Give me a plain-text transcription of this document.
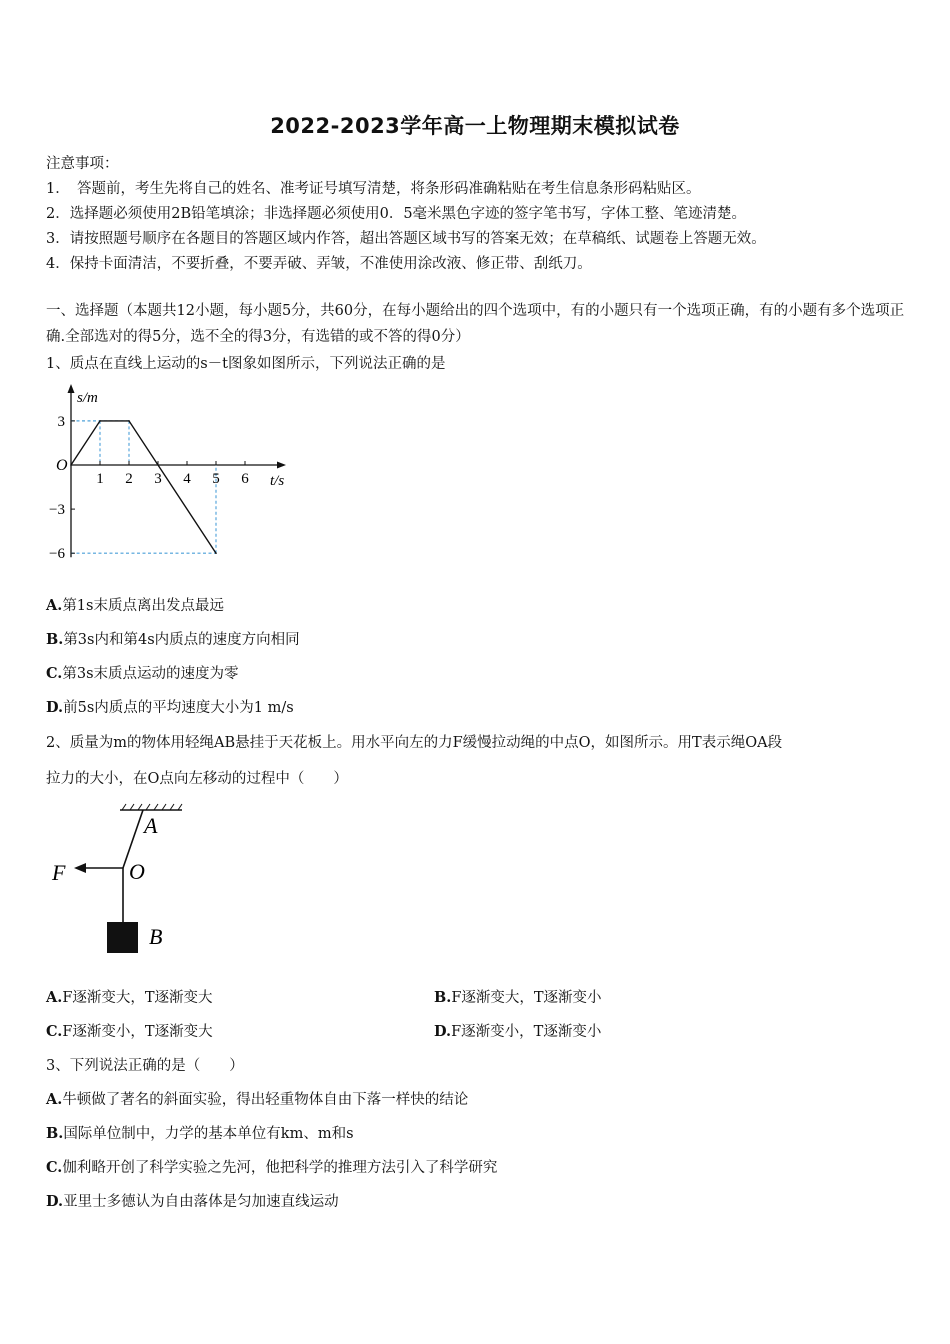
2022-2023学年高一上物理期末模拟试卷
注意事项：
1．　答题前，考生先将自己的姓名、准考证号填写清楚，将条形码准确粘贴在考生信息条形码粘贴区。
2．选择题必须使用2B铅笔填涂；非选择题必须使用0．5毫米黑色字迹的签字笔书写，字体工整、笔迹清楚。
3．请按照题号顺序在各题目的答题区域内作答，超出答题区域书写的答案无效；在草稿纸、试题卷上答题无效。
4．保持卡面清洁，不要折叠，不要弄破、弄皱，不准使用涂改液、修正带、刮纸刀。
一、选择题（本题共12小题，每小题5分，共60分，在每小题给出的四个选项中，有的小题只有一个选项正确，有的小题有多个选项正确.全部选对的得5分，选不全的得3分，有选错的或不答的得0分）
1、质点在直线上运动的s－t图象如图所示，下列说法正确的是
1 2 3 4 5 6
3
−3
−6
O
s/m
t/s
A.第1s末质点离出发点最远
B.第3s内和第4s内质点的速度方向相同
C.第3s末质点运动的速度为零
D.前5s内质点的平均速度大小为1 m/s
2、质量为m的物体用轻绳AB悬挂于天花板上。用水平向左的力F缓慢拉动绳的中点O，如图所示。用T表示绳OA段
拉力的大小，在O点向左移动的过程中（　　）
A
O
F
B
A.F逐渐变大，T逐渐变大	B.F逐渐变大，T逐渐变小
C.F逐渐变小，T逐渐变大	D.F逐渐变小，T逐渐变小
3、下列说法正确的是（　　）
A.牛顿做了著名的斜面实验，得出轻重物体自由下落一样快的结论
B.国际单位制中，力学的基本单位有km、m和s
C.伽利略开创了科学实验之先河，他把科学的推理方法引入了科学研究
D.亚里士多德认为自由落体是匀加速直线运动
